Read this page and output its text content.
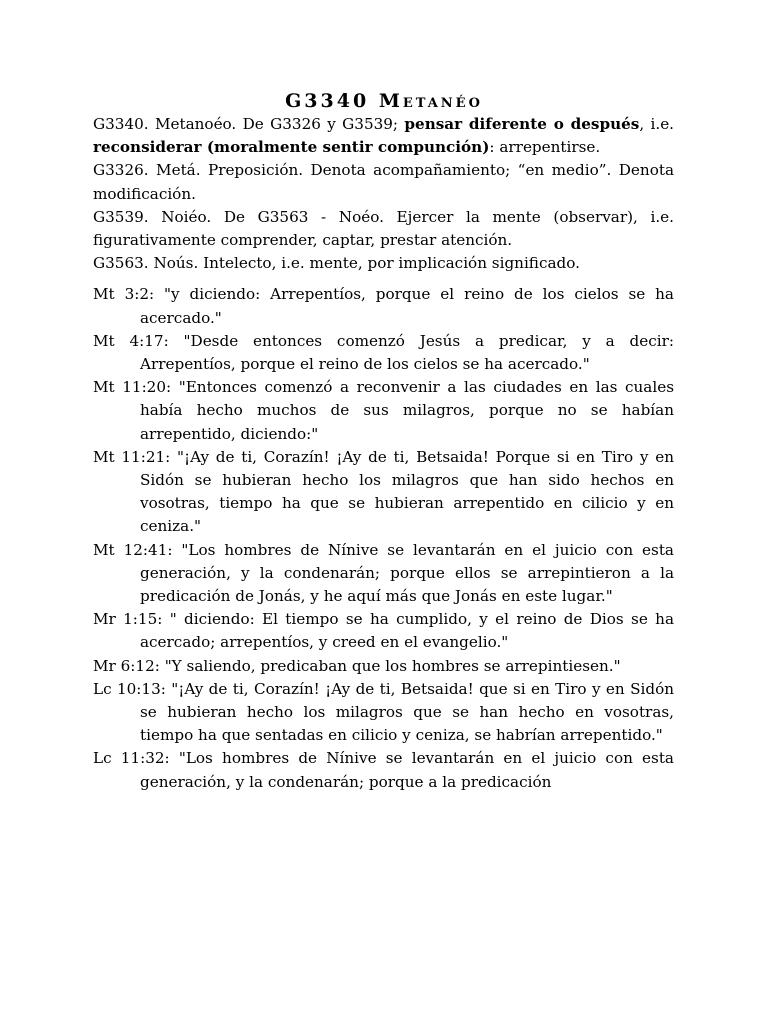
G3340 Metanéo

G3340. Metanoéo. De G3326 y G3539; pensar diferente o después, i.e. reconsiderar (moralmente sentir compunción): arrepentirse.

G3326. Metá. Preposición. Denota acompañamiento; “en medio”. Denota modificación.

G3539. Noiéo. De G3563 - Noéo. Ejercer la mente (observar), i.e. figurativamente comprender, captar, prestar atención.

G3563. Noús. Intelecto, i.e. mente, por implicación significado.

Mt 3:2: "y diciendo: Arrepentíos, porque el reino de los cielos se ha acercado."

Mt 4:17: "Desde entonces comenzó Jesús a predicar, y a decir: Arrepentíos, porque el reino de los cielos se ha acercado."

Mt 11:20: "Entonces comenzó a reconvenir a las ciudades en las cuales había hecho muchos de sus milagros, porque no se habían arrepentido, diciendo:"

Mt 11:21: "¡Ay de ti, Corazín! ¡Ay de ti, Betsaida! Porque si en Tiro y en Sidón se hubieran hecho los milagros que han sido hechos en vosotras, tiempo ha que se hubieran arrepentido en cilicio y en ceniza."

Mt 12:41: "Los hombres de Nínive se levantarán en el juicio con esta generación, y la condenarán; porque ellos se arrepintieron a la predicación de Jonás, y he aquí más que Jonás en este lugar."

Mr 1:15: " diciendo: El tiempo se ha cumplido, y el reino de Dios se ha acercado; arrepentíos, y creed en el evangelio."

Mr 6:12: "Y saliendo, predicaban que los hombres se arrepintiesen."

Lc 10:13: "¡Ay de ti, Corazín! ¡Ay de ti, Betsaida! que si en Tiro y en Sidón se hubieran hecho los milagros que se han hecho en vosotras, tiempo ha que sentadas en cilicio y ceniza, se habrían arrepentido."

Lc 11:32: "Los hombres de Nínive se levantarán en el juicio con esta generación, y la condenarán; porque a la predicación
